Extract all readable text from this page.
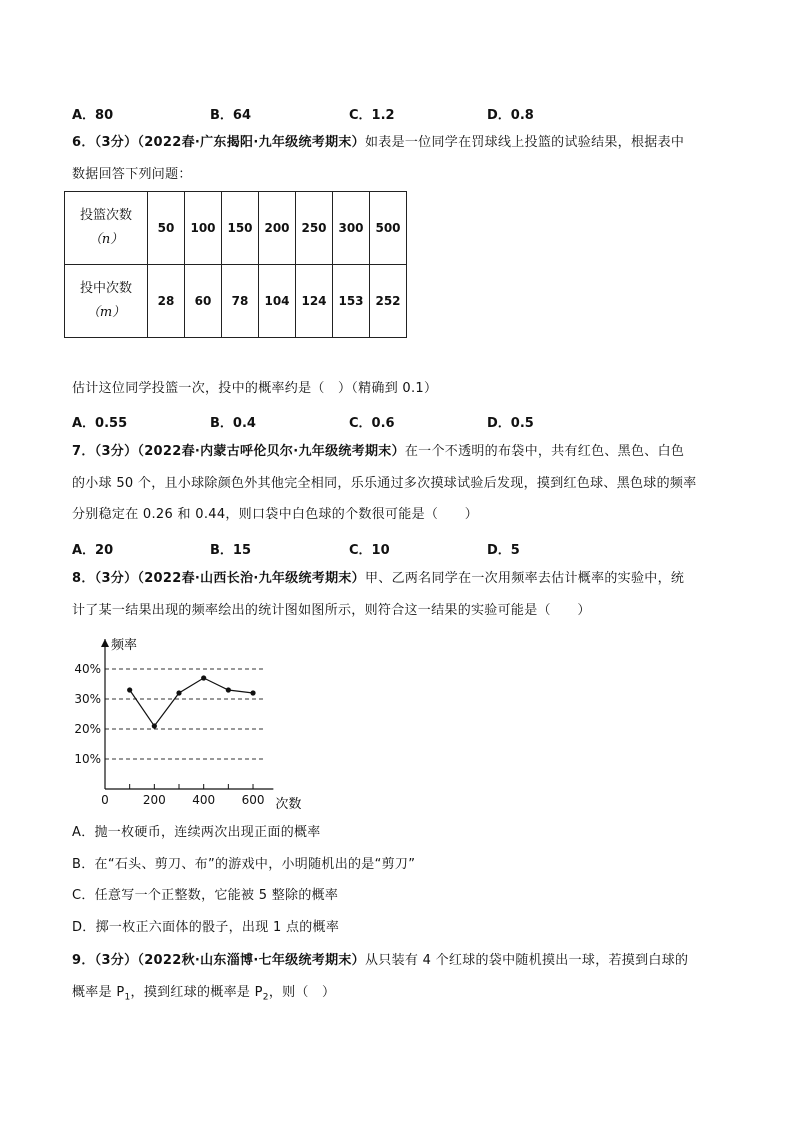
A．80	B．64	C．1.2	D．0.8
6．（3分）（2022春·广东揭阳·九年级统考期末）如表是一位同学在罚球线上投篮的试验结果，根据表中
数据回答下列问题：
投篮次数
（n）	50	100	150	200	250	300	500

投中次数
（m）	28	60	78	104	124	153	252
估计这位同学投篮一次，投中的概率约是（　）（精确到 0.1）
A．0.55	B．0.4	C．0.6	D．0.5
7．（3分）（2022春·内蒙古呼伦贝尔·九年级统考期末）在一个不透明的布袋中，共有红色、黑色、白色
的小球 50 个，且小球除颜色外其他完全相同，乐乐通过多次摸球试验后发现，摸到红色球、黑色球的频率
分别稳定在 0.26 和 0.44，则口袋中白色球的个数很可能是（　　）
A．20	B．15	C．10	D．5
8．（3分）（2022春·山西长治·九年级统考期末）甲、乙两名同学在一次用频率去估计概率的实验中，统
计了某一结果出现的频率绘出的统计图如图所示，则符合这一结果的实验可能是（　　）
10%
20%
30%
40%
0	200 400 600
频率
次数
A．抛一枚硬币，连续两次出现正面的概率
B．在“石头、剪刀、布”的游戏中，小明随机出的是“剪刀”
C．任意写一个正整数，它能被 5 整除的概率
D．掷一枚正六面体的骰子，出现 1 点的概率
9．（3分）（2022秋·山东淄博·七年级统考期末）从只装有 4 个红球的袋中随机摸出一球，若摸到白球的
概率是 $P_1$，摸到红球的概率是 $P_2$，则（　）
